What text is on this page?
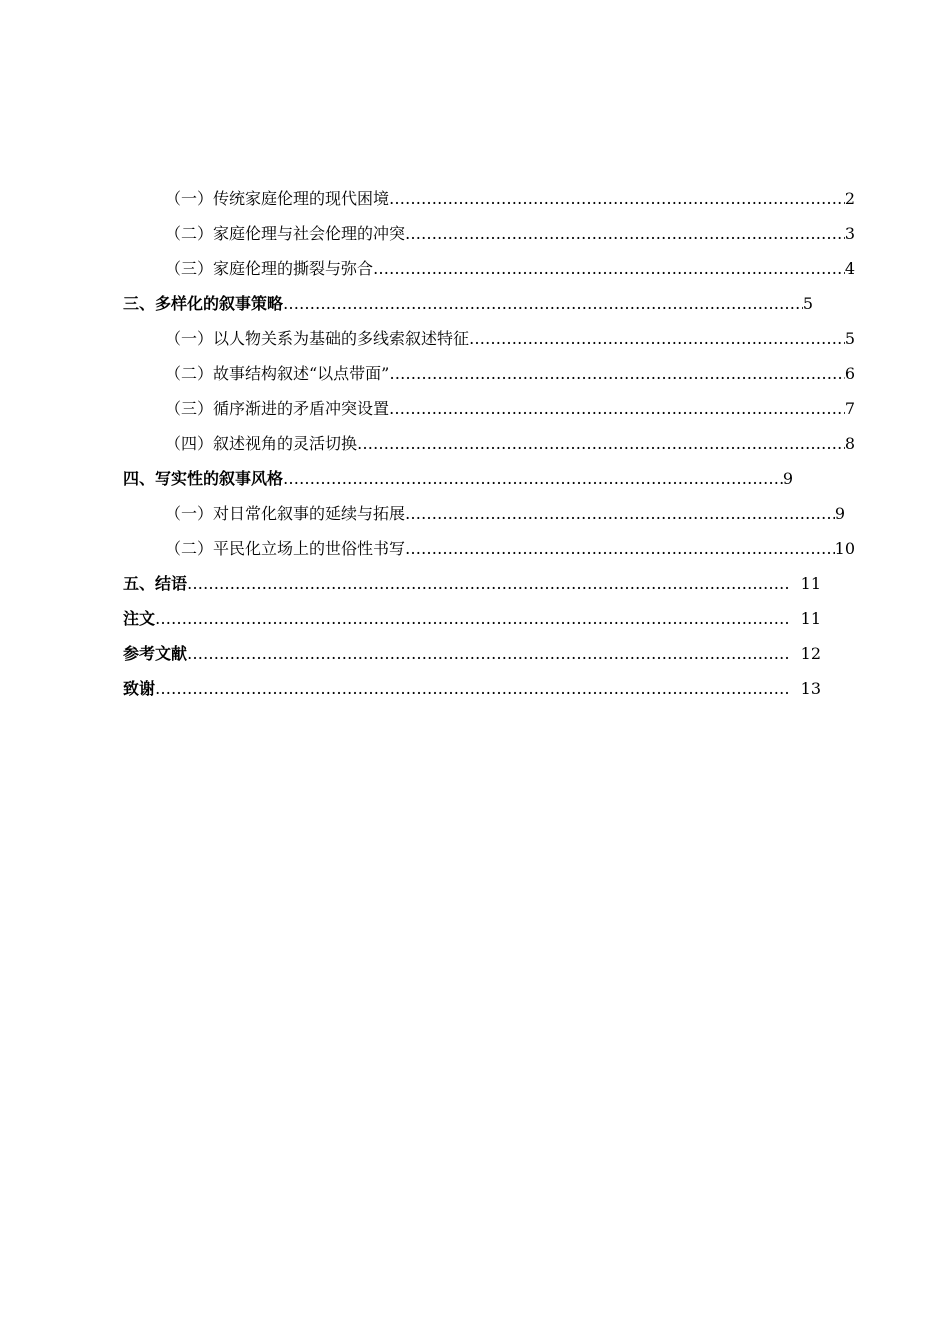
（一）传统家庭伦理的现代困境 …………………………………………………………………………………………………………………………………………………………………………………………………………	2
（二）家庭伦理与社会伦理的冲突 …………………………………………………………………………………………………………………………………………………………………………………………………………	3
（三）家庭伦理的撕裂与弥合 …………………………………………………………………………………………………………………………………………………………………………………………………………	4
三、多样化的叙事策略 …………………………………………………………………………………………………………………………………………………………………………………………………………	5
（一）以人物关系为基础的多线索叙述特征 …………………………………………………………………………………………………………………………………………………………………………………………………………	5
（二）故事结构叙述“以点带面” …………………………………………………………………………………………………………………………………………………………………………………………………………	6
（三）循序渐进的矛盾冲突设置 …………………………………………………………………………………………………………………………………………………………………………………………………………	7
（四）叙述视角的灵活切换 …………………………………………………………………………………………………………………………………………………………………………………………………………	8
四、写实性的叙事风格 …………………………………………………………………………………………………………………………………………………………………………………………………………	9
（一）对日常化叙事的延续与拓展 …………………………………………………………………………………………………………………………………………………………………………………………………………	9
（二）平民化立场上的世俗性书写 …………………………………………………………………………………………………………………………………………………………………………………………………………	10
五、结语 …………………………………………………………………………………………………………………………………………………………………………………………………………	11
注文 …………………………………………………………………………………………………………………………………………………………………………………………………………	11
参考文献 …………………………………………………………………………………………………………………………………………………………………………………………………………	12
致谢 …………………………………………………………………………………………………………………………………………………………………………………………………………	13
